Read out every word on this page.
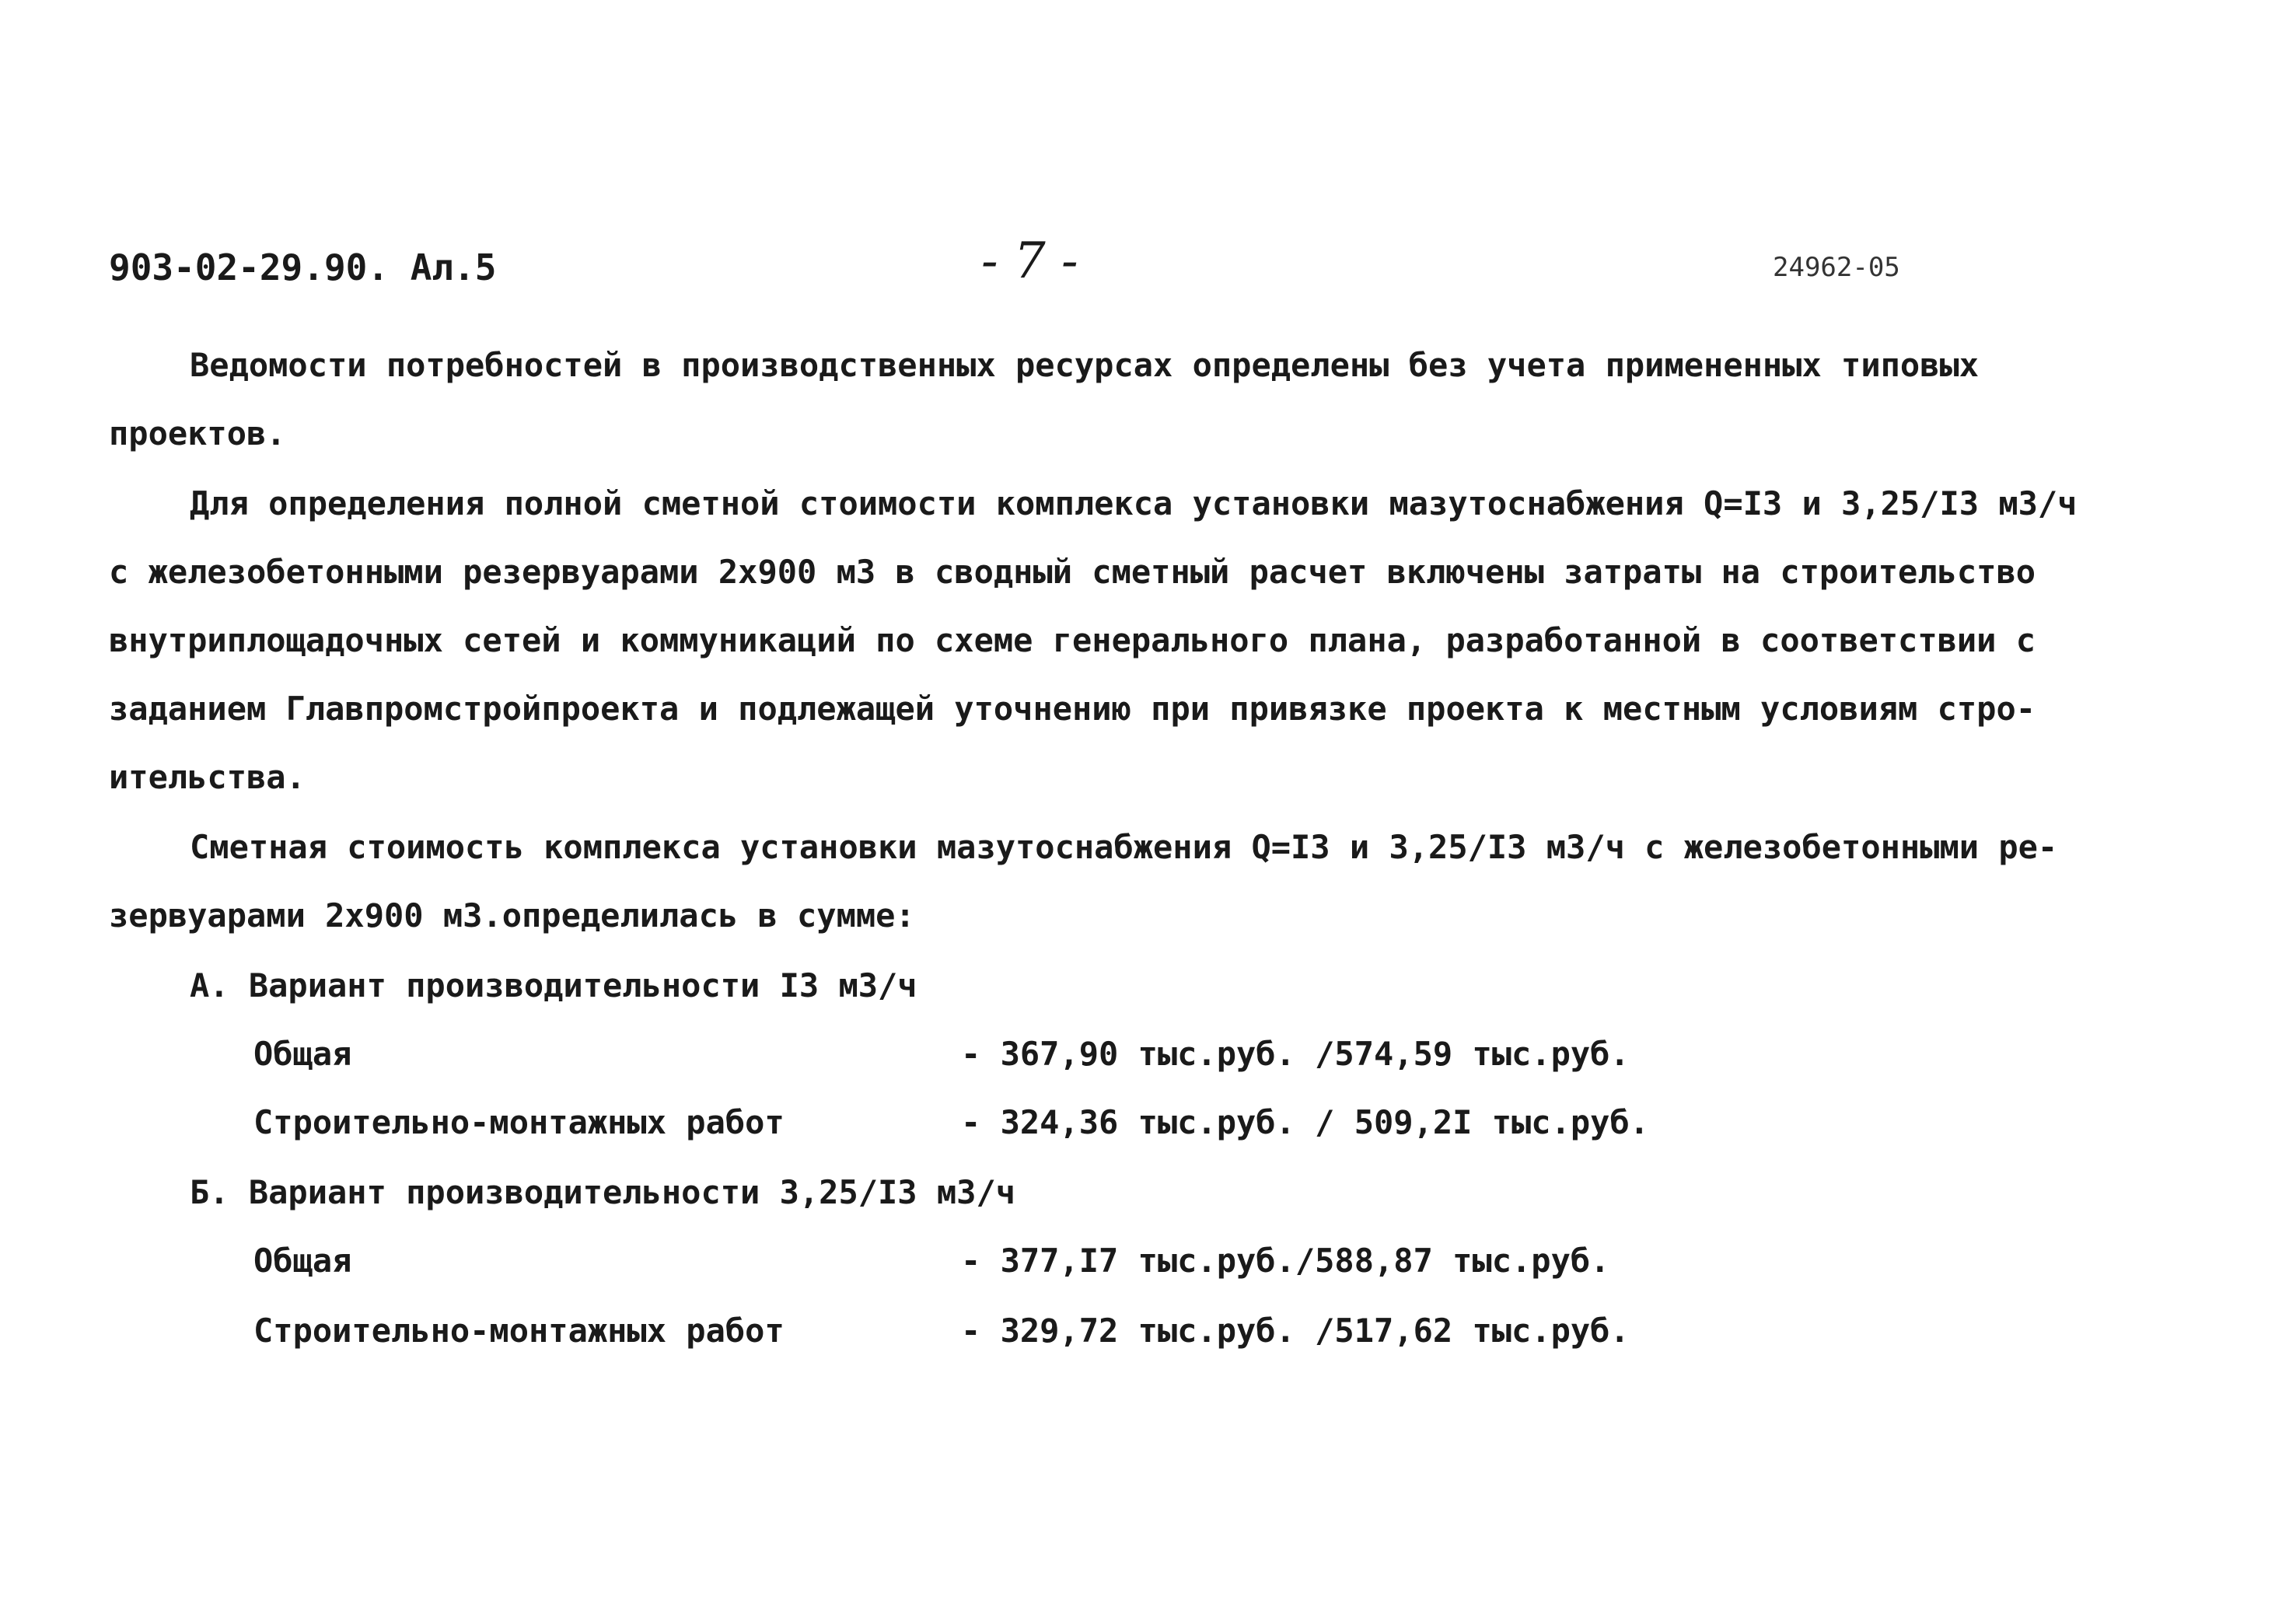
903-02-29.90. Ал.5	- 7 -	24962-05
Ведомости потребностей в производственных ресурсах определены без учета примененных типовых
проектов.
Для определения полной сметной стоимости комплекса установки мазутоснабжения Q=I3 и 3,25/I3 м3/ч
с железобетонными резервуарами 2х900 м3 в сводный сметный расчет включены затраты на строительство
внутриплощадочных сетей и коммуникаций по схеме генерального плана, разработанной в соответствии с
заданием Главпромстройпроекта и подлежащей уточнению при привязке проекта к местным условиям стро-
ительства.
Сметная стоимость комплекса установки мазутоснабжения Q=I3 и 3,25/I3 м3/ч с железобетонными ре-
зервуарами 2х900 м3.определилась в сумме:
А. Вариант производительности I3 м3/ч
Общая	- 367,90 тыс.руб. /574,59 тыс.руб.
Строительно-монтажных работ	- 324,36 тыс.руб. / 509,2I тыс.руб.
Б. Вариант производительности 3,25/I3 м3/ч
Общая	- 377,I7 тыс.руб./588,87 тыс.руб.
Строительно-монтажных работ	- 329,72 тыс.руб. /517,62 тыс.руб.
